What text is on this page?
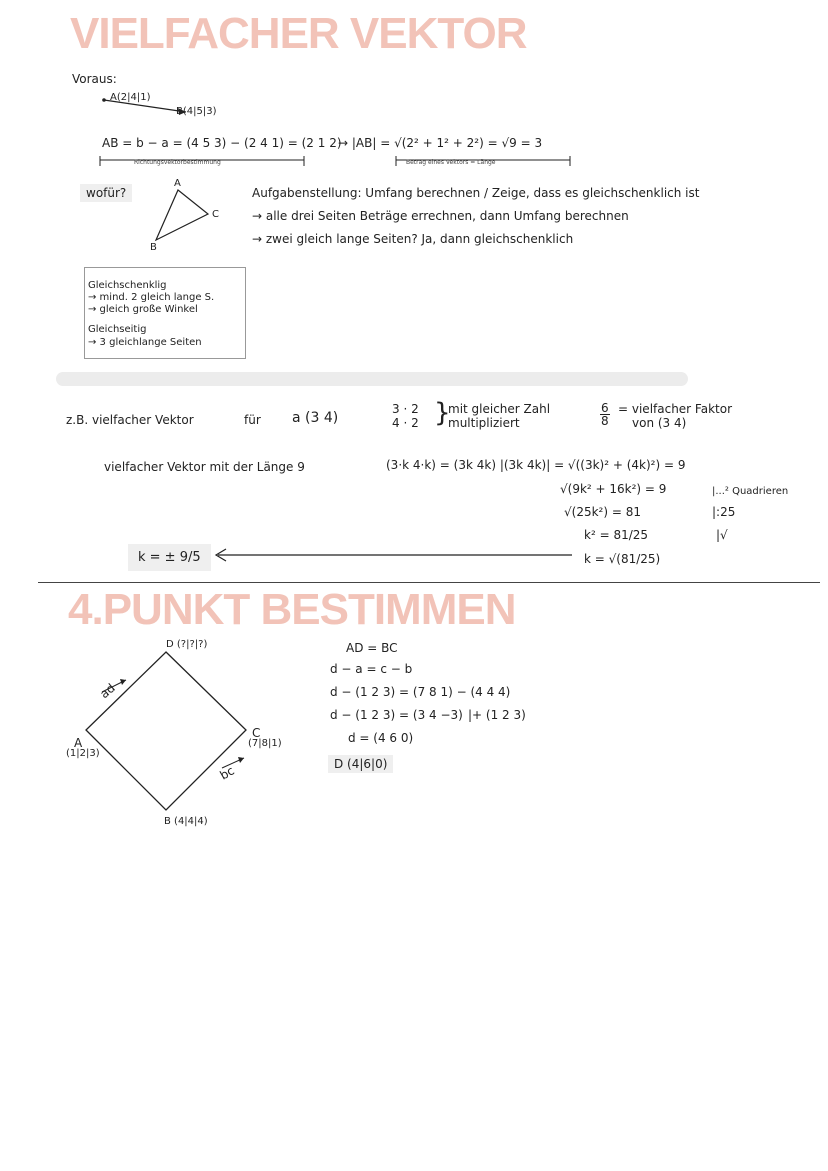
VIELFACHER VEKTOR
Voraus:
A(2|4|1)
B(4|5|3)
AB = b − a = (4 5 3) − (2 4 1) = (2 1 2)
Richtungsvektorbestimmung
→ |AB| = √(2² + 1² + 2²) = √9 = 3
Betrag eines Vektors = Länge
wofür?
A
B
C
Aufgabenstellung: Umfang berechnen / Zeige, dass es gleichschenklich ist
→ alle drei Seiten Beträge errechnen, dann Umfang berechnen
→ zwei gleich lange Seiten? Ja, dann gleichschenklich
Gleichschenklig
→ mind. 2 gleich lange S.
→ gleich große Winkel
Gleichseitig
→ 3 gleichlange Seiten
z.B. vielfacher Vektor	für a (3 4)
3 · 2
4 · 2 }
mit gleicher Zahl
multipliziert	$\frac{6}{8}$ = vielfacher Faktor
von (3 4)
vielfacher Vektor mit der Länge 9	(3·k 4·k) = (3k 4k) |(3k 4k)| = √((3k)² + (4k)²) = 9
√(9k² + 16k²) = 9	|...² Quadrieren
√(25k²) = 81	|:25
k² = 81/25	|√
k = √(81/25)
k = ± 9/5
4.PUNKT BESTIMMEN
D (?|?|?)
A
(1|2|3)
B (4|4|4)
C
(7|8|1)
ad
bc
AD = BC
d − a = c − b
d − (1 2 3) = (7 8 1) − (4 4 4)
d − (1 2 3) = (3 4 −3) |+ (1 2 3)
d = (4 6 0)
D (4|6|0)
